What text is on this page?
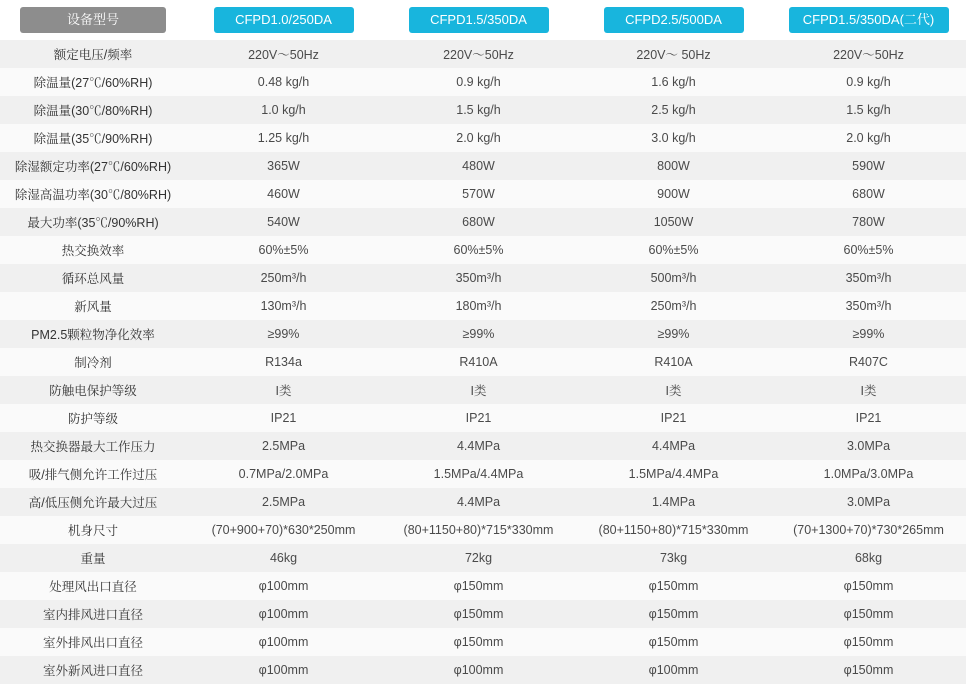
设备型号	CFPD1.0/250DA	CFPD1.5/350DA	CFPD2.5/500DA	CFPD1.5/350DA(二代)

额定电压/频率	220V～50Hz	220V～50Hz	220V～ 50Hz	220V～50Hz
除温量(27℃/60%RH)	0.48 kg/h	0.9 kg/h	1.6 kg/h	0.9 kg/h
除温量(30℃/80%RH)	1.0 kg/h	1.5 kg/h	2.5 kg/h	1.5 kg/h
除温量(35℃/90%RH)	1.25 kg/h	2.0 kg/h	3.0 kg/h	2.0 kg/h
除湿额定功率(27℃/60%RH)	365W	480W	800W	590W
除湿高温功率(30℃/80%RH)	460W	570W	900W	680W
最大功率(35℃/90%RH)	540W	680W	1050W	780W
热交换效率	60%±5%	60%±5%	60%±5%	60%±5%
循环总风量	250m³/h	350m³/h	500m³/h	350m³/h
新风量	130m³/h	180m³/h	250m³/h	350m³/h
PM2.5颗粒物净化效率	≥99%	≥99%	≥99%	≥99%
制冷剂	R134a	R410A	R410A	R407C
防触电保护等级	I类	I类	I类	I类
防护等级	IP21	IP21	IP21	IP21
热交换器最大工作压力	2.5MPa	4.4MPa	4.4MPa	3.0MPa
吸/排气侧允许工作过压	0.7MPa/2.0MPa	1.5MPa/4.4MPa	1.5MPa/4.4MPa	1.0MPa/3.0MPa
高/低压侧允许最大过压	2.5MPa	4.4MPa	1.4MPa	3.0MPa
机身尺寸	(70+900+70)*630*250mm	(80+1150+80)*715*330mm	(80+1150+80)*715*330mm	(70+1300+70)*730*265mm
重量	46kg	72kg	73kg	68kg
处理风出口直径	φ100mm	φ150mm	φ150mm	φ150mm
室内排风进口直径	φ100mm	φ150mm	φ150mm	φ150mm
室外排风出口直径	φ100mm	φ150mm	φ150mm	φ150mm
室外新风进口直径	φ100mm	φ100mm	φ100mm	φ150mm
